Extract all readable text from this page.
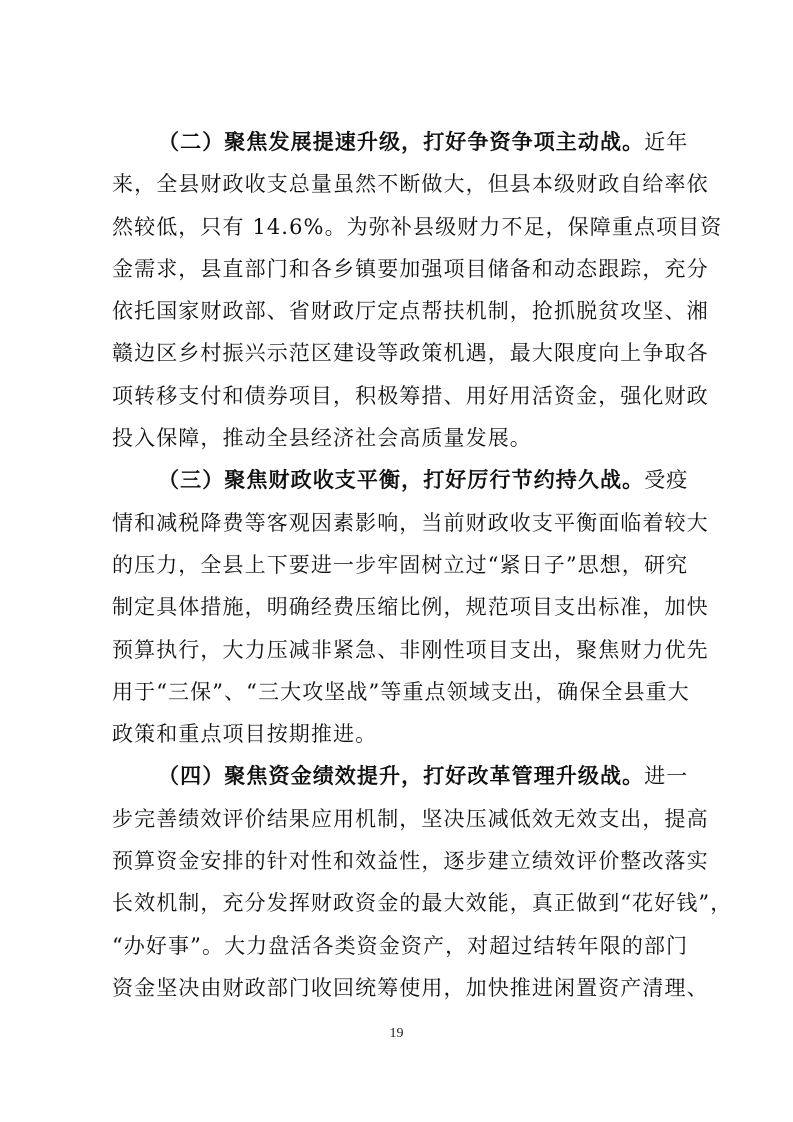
（二）聚焦发展提速升级，打好争资争项主动战。近年
来，全县财政收支总量虽然不断做大，但县本级财政自给率依
然较低，只有 14.6%。为弥补县级财力不足，保障重点项目资
金需求，县直部门和各乡镇要加强项目储备和动态跟踪，充分
依托国家财政部、省财政厅定点帮扶机制，抢抓脱贫攻坚、湘
赣边区乡村振兴示范区建设等政策机遇，最大限度向上争取各
项转移支付和债券项目，积极筹措、用好用活资金，强化财政
投入保障，推动全县经济社会高质量发展。
（三）聚焦财政收支平衡，打好厉行节约持久战。受疫
情和减税降费等客观因素影响，当前财政收支平衡面临着较大
的压力，全县上下要进一步牢固树立过“紧日子”思想，研究
制定具体措施，明确经费压缩比例，规范项目支出标准，加快
预算执行，大力压减非紧急、非刚性项目支出，聚焦财力优先
用于“三保”、“三大攻坚战”等重点领域支出，确保全县重大
政策和重点项目按期推进。
（四）聚焦资金绩效提升，打好改革管理升级战。进一
步完善绩效评价结果应用机制，坚决压减低效无效支出，提高
预算资金安排的针对性和效益性，逐步建立绩效评价整改落实
长效机制，充分发挥财政资金的最大效能，真正做到“花好钱”，
“办好事”。大力盘活各类资金资产，对超过结转年限的部门
资金坚决由财政部门收回统筹使用，加快推进闲置资产清理、
19
